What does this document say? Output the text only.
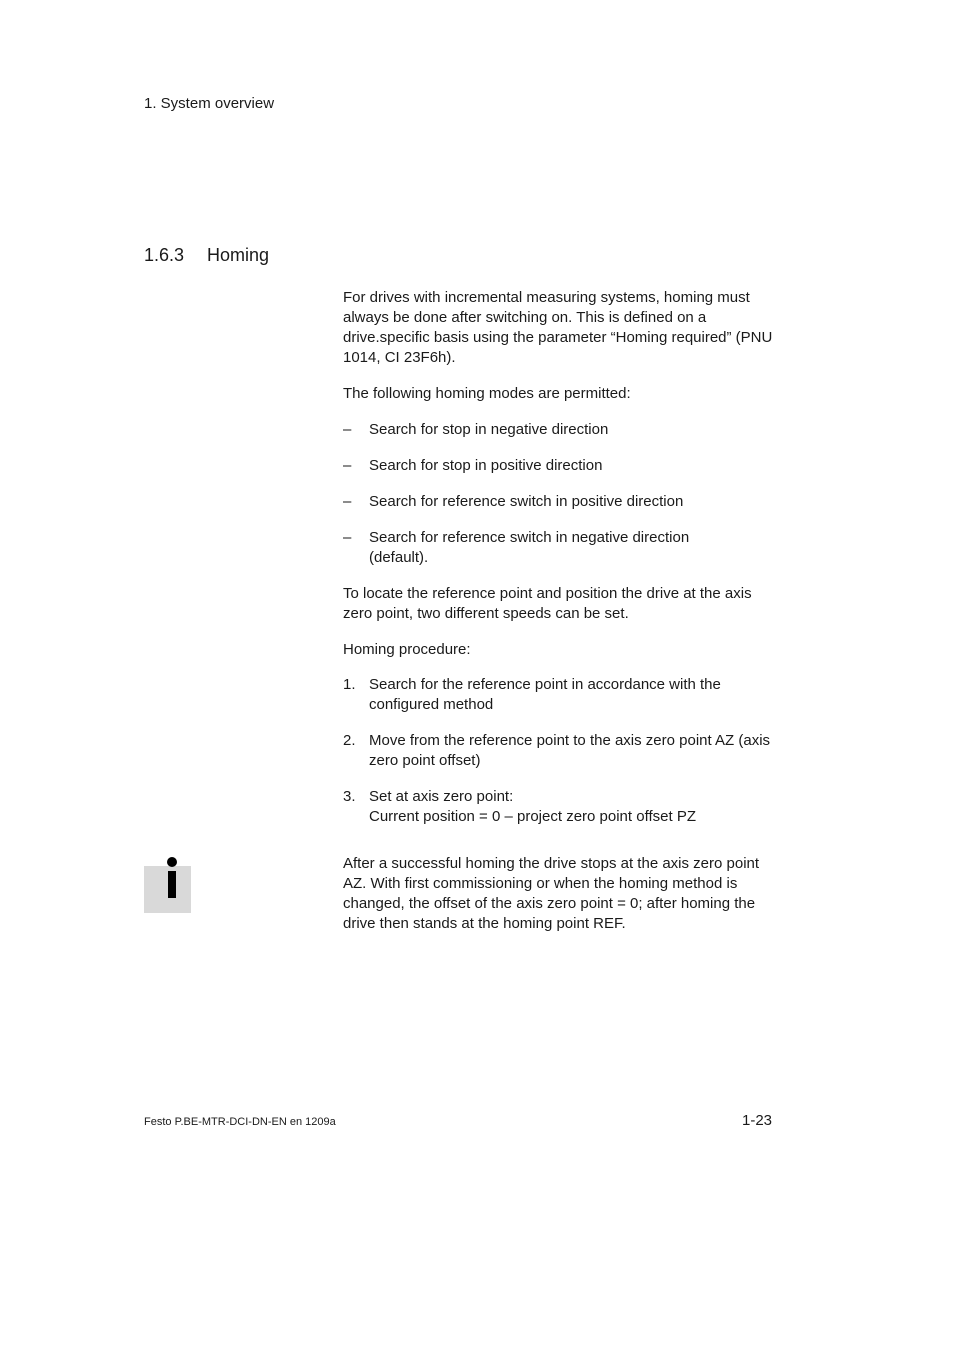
1. System overview
1.6.3 Homing

For drives with incremental measuring systems, homing must always be done after switching on. This is defined on a drive.specific basis using the parameter “Homing required” (PNU 1014, CI 23F6h).

The following homing modes are permitted:

–	Search for stop in negative direction
–	Search for stop in positive direction
–	Search for reference switch in positive direction
–	Search for reference switch in negative direction (default).

To locate the reference point and position the drive at the axis zero point, two different speeds can be set.

Homing procedure:

1. Search for the reference point in accordance with the configured method
2. Move from the reference point to the axis zero point AZ (axis zero point offset)
3. Set at axis zero point:
Current position = 0 – project zero point offset PZ

After a successful homing the drive stops at the axis zero point AZ. With first commissioning or when the homing method is changed, the offset of the axis zero point = 0; after homing the drive then stands at the homing point REF.

Festo P.BE-MTR-DCI-DN-EN en 1209a	1-23
